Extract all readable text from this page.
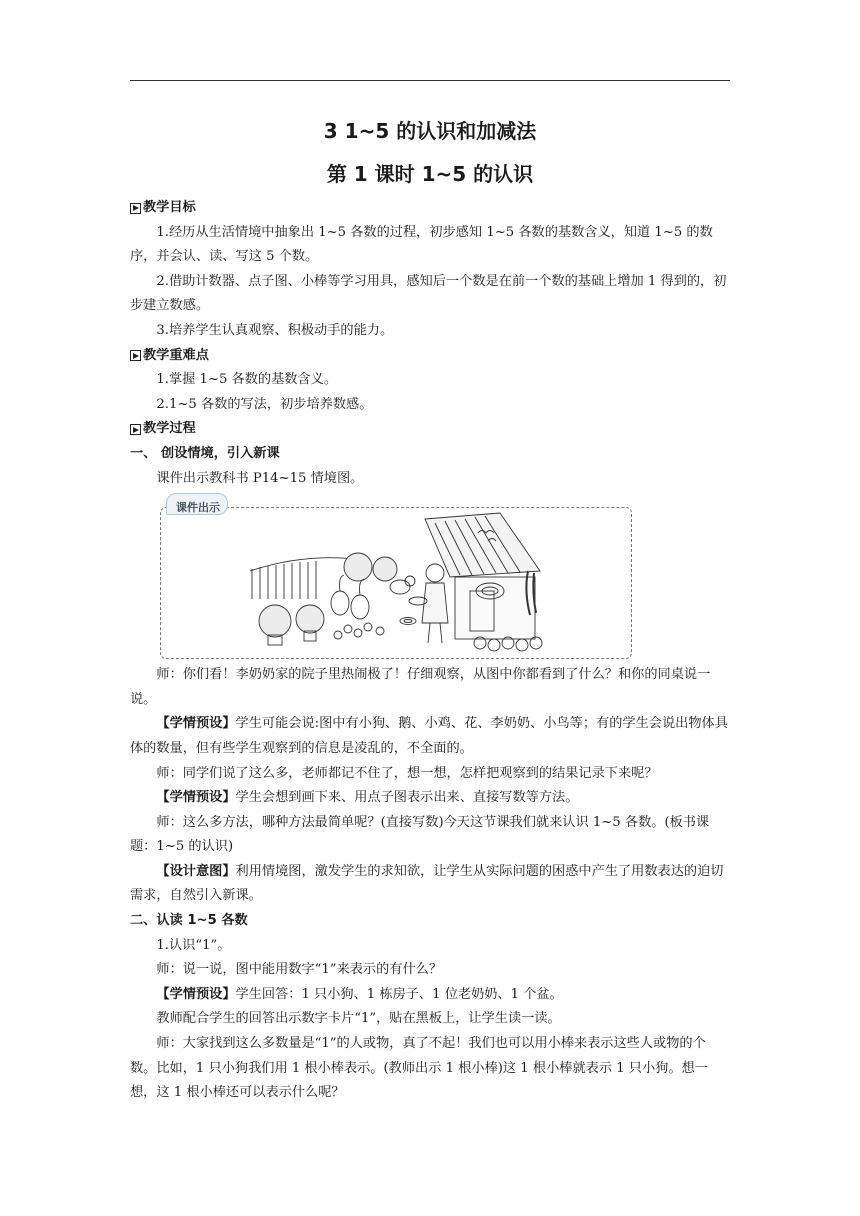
3 1~5 的认识和加减法
第 1 课时 1~5 的认识

教学目标

1.经历从生活情境中抽象出 1~5 各数的过程，初步感知 1~5 各数的基数含义，知道 1~5 的数序，并会认、读、写这 5 个数。

2.借助计数器、点子图、小棒等学习用具，感知后一个数是在前一个数的基础上增加 1 得到的，初步建立数感。

3.培养学生认真观察、积极动手的能力。

教学重难点

1.掌握 1~5 各数的基数含义。

2.1~5 各数的写法，初步培养数感。

教学过程

一、 创设情境，引入新课

课件出示教科书 P14~15 情境图。

课件出示

师：你们看！李奶奶家的院子里热闹极了！仔细观察，从图中你都看到了什么？和你的同桌说一说。

【学情预设】学生可能会说:图中有小狗、鹅、小鸡、花、李奶奶、小鸟等；有的学生会说出物体具体的数量，但有些学生观察到的信息是凌乱的，不全面的。

师：同学们说了这么多，老师都记不住了，想一想，怎样把观察到的结果记录下来呢？

【学情预设】学生会想到画下来、用点子图表示出来、直接写数等方法。

师：这么多方法，哪种方法最简单呢？(直接写数)今天这节课我们就来认识 1~5 各数。(板书课题：1~5 的认识)

【设计意图】利用情境图，激发学生的求知欲，让学生从实际问题的困惑中产生了用数表达的迫切需求，自然引入新课。

二、认读 1~5 各数

1.认识“1”。

师：说一说，图中能用数字“1”来表示的有什么？

【学情预设】学生回答：1 只小狗、1 栋房子、1 位老奶奶、1 个盆。

教师配合学生的回答出示数字卡片“1”，贴在黑板上，让学生读一读。

师：大家找到这么多数量是“1”的人或物，真了不起！我们也可以用小棒来表示这些人或物的个数。比如，1 只小狗我们用 1 根小棒表示。(教师出示 1 根小棒)这 1 根小棒就表示 1 只小狗。想一想，这 1 根小棒还可以表示什么呢？
